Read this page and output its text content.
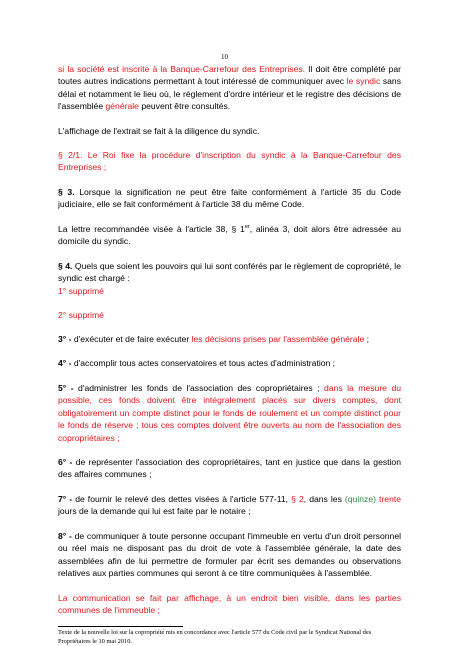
10
si la société est inscrite à la Banque-Carrefour des Entreprises. Il doit être complété par toutes autres indications permettant à tout intéressé de communiquer avec le syndic sans délai et notamment le lieu où, le règlement d'ordre intérieur et le registre des décisions de l'assemblée générale peuvent être consultés.
L'affichage de l'extrait se fait à la diligence du syndic.
§ 2/1. Le Roi fixe la procédure d'inscription du syndic à la Banque-Carrefour des Entreprises ;
§ 3. Lorsque la signification ne peut être faite conformément à l'article 35 du Code judiciaire, elle se fait conformément à l'article 38 du même Code.
La lettre recommandée visée à l'article 38, § 1er, alinéa 3, doit alors être adressée au domicile du syndic.
§ 4. Quels que soient les pouvoirs qui lui sont conférés par le règlement de copropriété, le syndic est chargé :
1° supprimé
2° supprimé
3° - d'exécuter et de faire exécuter les décisions prises par l'assemblée générale ;
4° - d'accomplir tous actes conservatoires et tous actes d'administration ;
5° - d'administrer les fonds de l'association des copropriétaires ; dans la mesure du possible, ces fonds doivent être intégralement placés sur divers comptes, dont obligatoirement un compte distinct pour le fonds de roulement et un compte distinct pour le fonds de réserve ; tous ces comptes doivent être ouverts au nom de l'association des copropriétaires ;
6° - de représenter l'association des copropriétaires, tant en justice que dans la gestion des affaires communes ;
7° - de fournir le relevé des dettes visées à l'article 577-11, § 2, dans les (quinze) trente jours de la demande qui lui est faite par le notaire ;
8° - de communiquer à toute personne occupant l'immeuble en vertu d'un droit personnel ou réel mais ne disposant pas du droit de vote à l'assemblée générale, la date des assemblées afin de lui permettre de formuler par écrit ses demandes ou observations relatives aux parties communes qui seront à ce titre communiquées à l'assemblée.
La communication se fait par affichage, à un endroit bien visible, dans les parties communes de l'immeuble ;
Texte de la nouvelle loi sur la copropriété mis en concordance avec l'article 577 du Code civil par le Syndicat National des Propriétaires le 10 mai 2010.
